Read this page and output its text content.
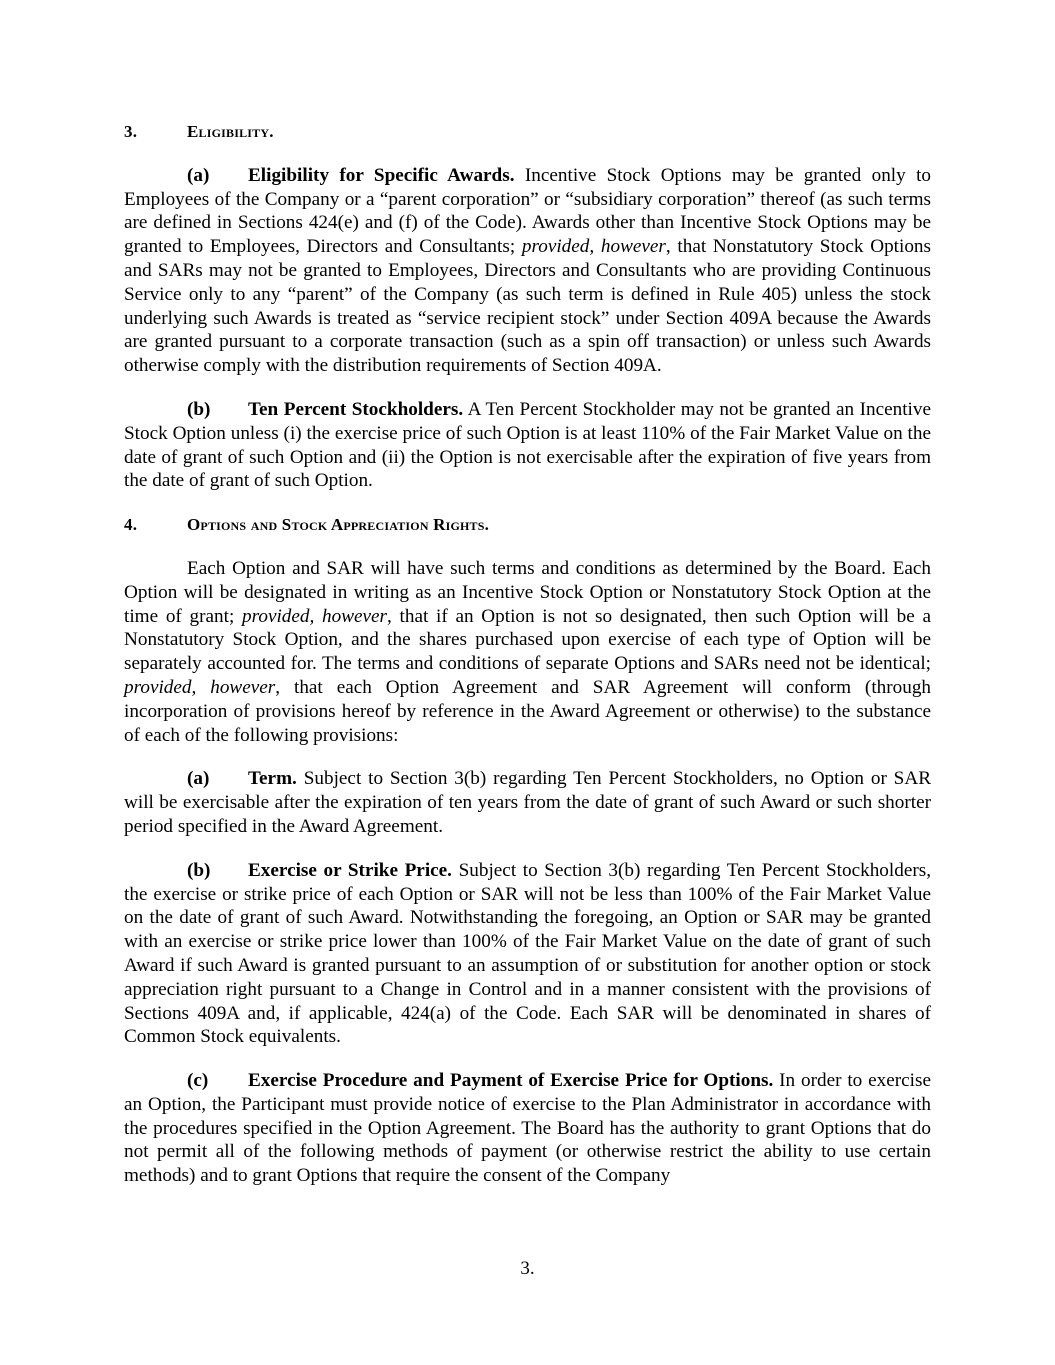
3.	Eligibility.

(a) Eligibility for Specific Awards. Incentive Stock Options may be granted only to Employees of the Company or a “parent corporation” or “subsidiary corporation” thereof (as such terms are defined in Sections 424(e) and (f) of the Code). Awards other than Incentive Stock Options may be granted to Employees, Directors and Consultants; provided, however, that Nonstatutory Stock Options and SARs may not be granted to Employees, Directors and Consultants who are providing Continuous Service only to any “parent” of the Company (as such term is defined in Rule 405) unless the stock underlying such Awards is treated as “service recipient stock” under Section 409A because the Awards are granted pursuant to a corporate transaction (such as a spin off transaction) or unless such Awards otherwise comply with the distribution requirements of Section 409A.

(b) Ten Percent Stockholders. A Ten Percent Stockholder may not be granted an Incentive Stock Option unless (i) the exercise price of such Option is at least 110% of the Fair Market Value on the date of grant of such Option and (ii) the Option is not exercisable after the expiration of five years from the date of grant of such Option.

4.	Options and Stock Appreciation Rights.

Each Option and SAR will have such terms and conditions as determined by the Board. Each Option will be designated in writing as an Incentive Stock Option or Nonstatutory Stock Option at the time of grant; provided, however, that if an Option is not so designated, then such Option will be a Nonstatutory Stock Option, and the shares purchased upon exercise of each type of Option will be separately accounted for. The terms and conditions of separate Options and SARs need not be identical; provided, however, that each Option Agreement and SAR Agreement will conform (through incorporation of provisions hereof by reference in the Award Agreement or otherwise) to the substance of each of the following provisions:

(a) Term. Subject to Section 3(b) regarding Ten Percent Stockholders, no Option or SAR will be exercisable after the expiration of ten years from the date of grant of such Award or such shorter period specified in the Award Agreement.

(b) Exercise or Strike Price. Subject to Section 3(b) regarding Ten Percent Stockholders, the exercise or strike price of each Option or SAR will not be less than 100% of the Fair Market Value on the date of grant of such Award. Notwithstanding the foregoing, an Option or SAR may be granted with an exercise or strike price lower than 100% of the Fair Market Value on the date of grant of such Award if such Award is granted pursuant to an assumption of or substitution for another option or stock appreciation right pursuant to a Change in Control and in a manner consistent with the provisions of Sections 409A and, if applicable, 424(a) of the Code. Each SAR will be denominated in shares of Common Stock equivalents.

(c) Exercise Procedure and Payment of Exercise Price for Options. In order to exercise an Option, the Participant must provide notice of exercise to the Plan Administrator in accordance with the procedures specified in the Option Agreement. The Board has the authority to grant Options that do not permit all of the following methods of payment (or otherwise restrict the ability to use certain methods) and to grant Options that require the consent of the Company

3.
